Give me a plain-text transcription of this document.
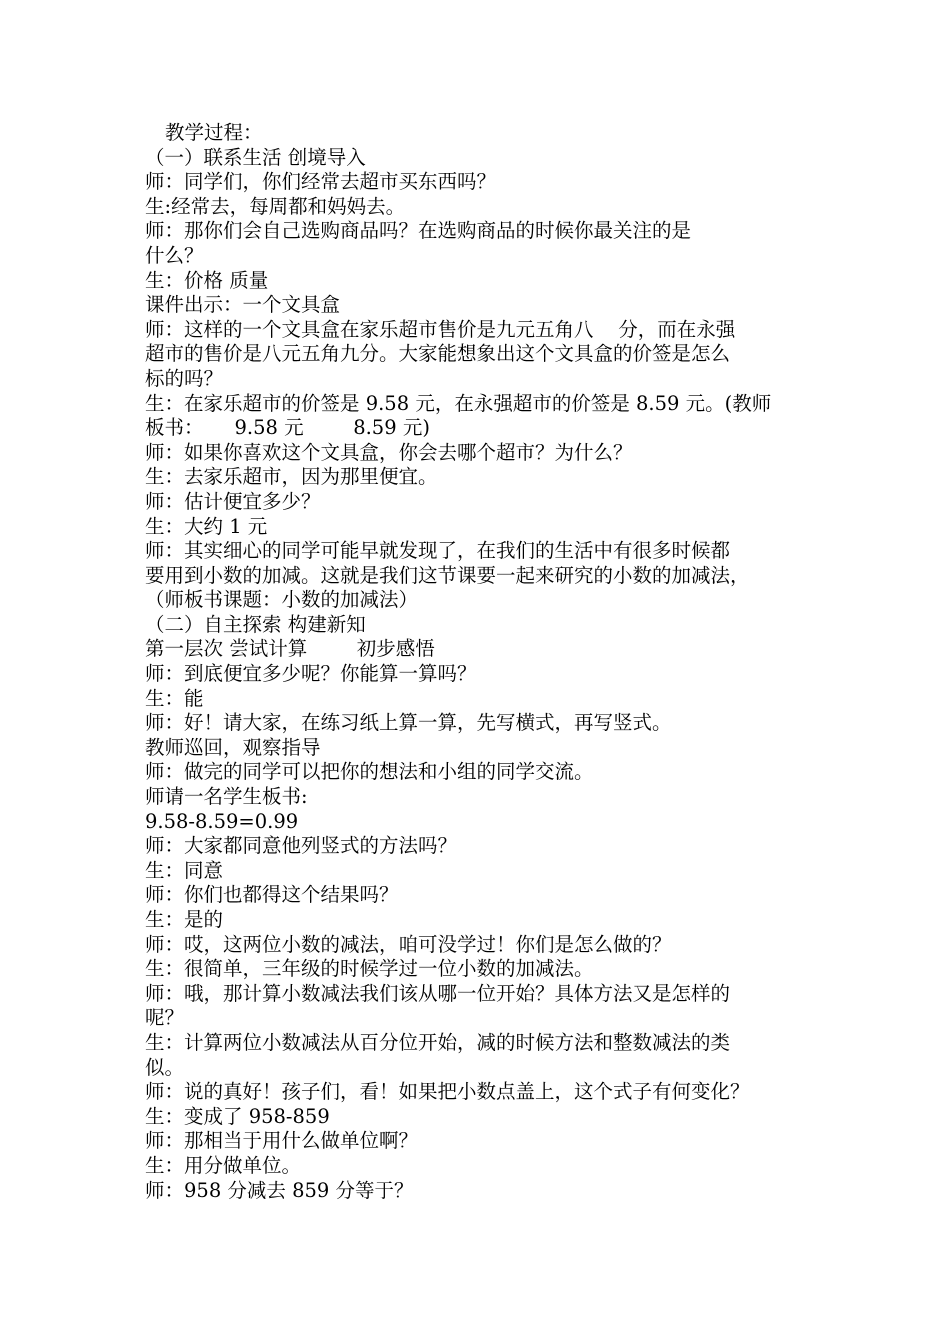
教学过程：
（一）联系生活 创境导入
师：同学们，你们经常去超市买东西吗？
生:经常去，每周都和妈妈去。
师：那你们会自己选购商品吗？在选购商品的时候你最关注的是
什么？
生：价格 质量
课件出示：一个文具盒
师：这样的一个文具盒在家乐超市售价是九元五角八    分，而在永强
超市的售价是八元五角九分。大家能想象出这个文具盒的价签是怎么
标的吗？
生：在家乐超市的价签是 9.58 元，在永强超市的价签是 8.59 元。(教师
板书：     9.58 元        8.59 元)
师：如果你喜欢这个文具盒，你会去哪个超市？为什么？
生：去家乐超市，因为那里便宜。
师：估计便宜多少？
生：大约 1 元
师：其实细心的同学可能早就发现了，在我们的生活中有很多时候都
要用到小数的加减。这就是我们这节课要一起来研究的小数的加减法，
（师板书课题：小数的加减法）
（二）自主探索 构建新知
第一层次 尝试计算        初步感悟
师：到底便宜多少呢？你能算一算吗？
生：能
师：好！请大家，在练习纸上算一算，先写横式，再写竖式。
教师巡回，观察指导
师：做完的同学可以把你的想法和小组的同学交流。
师请一名学生板书:
9.58-8.59=0.99
师：大家都同意他列竖式的方法吗？
生：同意
师：你们也都得这个结果吗？
生：是的
师：哎，这两位小数的减法，咱可没学过！你们是怎么做的？
生：很简单，三年级的时候学过一位小数的加减法。
师：哦，那计算小数减法我们该从哪一位开始？具体方法又是怎样的
呢？
生：计算两位小数减法从百分位开始，减的时候方法和整数减法的类
似。
师：说的真好！孩子们，看！如果把小数点盖上，这个式子有何变化？
生：变成了 958-859
师：那相当于用什么做单位啊？
生：用分做单位。
师：958 分减去 859 分等于？
